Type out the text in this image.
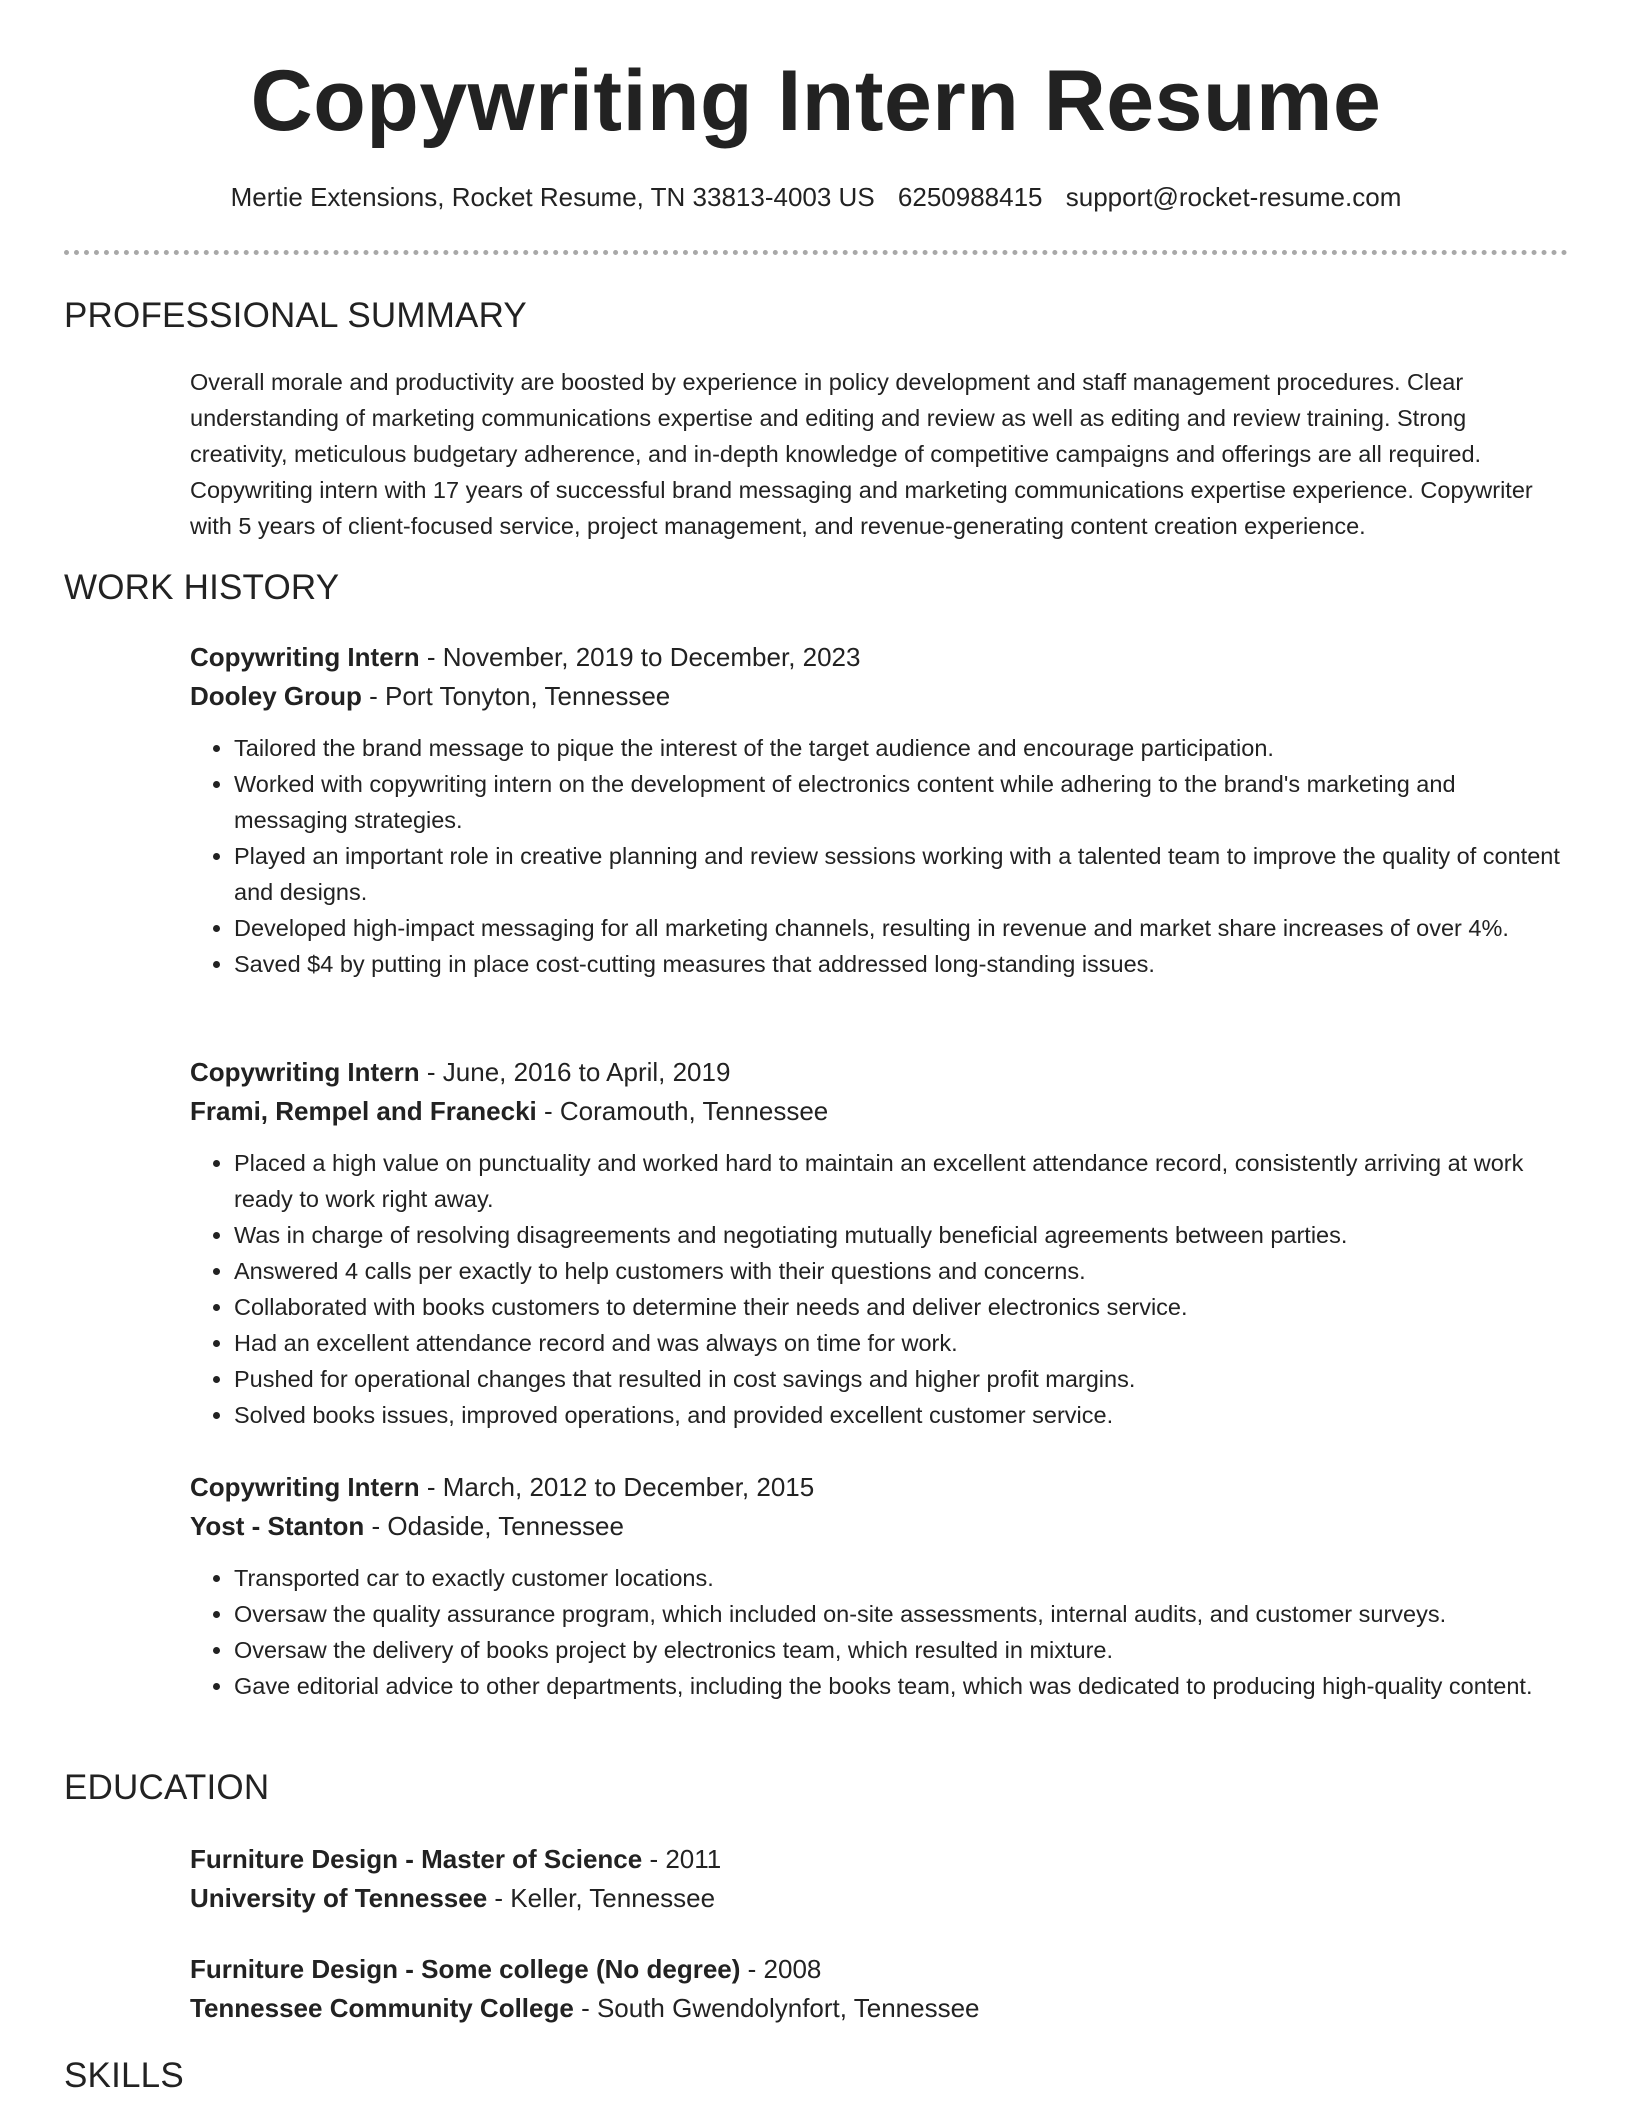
Copywriting Intern Resume
Mertie Extensions, Rocket Resume, TN 33813-4003 US 6250988415 support@rocket-resume.com
PROFESSIONAL SUMMARY
Overall morale and productivity are boosted by experience in policy development and staff management procedures. Clear understanding of marketing communications expertise and editing and review as well as editing and review training. Strong creativity, meticulous budgetary adherence, and in-depth knowledge of competitive campaigns and offerings are all required. Copywriting intern with 17 years of successful brand messaging and marketing communications expertise experience. Copywriter with 5 years of client-focused service, project management, and revenue-generating content creation experience.
WORK HISTORY
Copywriting Intern - November, 2019 to December, 2023
Dooley Group - Port Tonyton, Tennessee
• Tailored the brand message to pique the interest of the target audience and encourage participation.
• Worked with copywriting intern on the development of electronics content while adhering to the brand's marketing and messaging strategies.
• Played an important role in creative planning and review sessions working with a talented team to improve the quality of content and designs.
• Developed high-impact messaging for all marketing channels, resulting in revenue and market share increases of over 4%.
• Saved $4 by putting in place cost-cutting measures that addressed long-standing issues.
Copywriting Intern - June, 2016 to April, 2019
Frami, Rempel and Franecki - Coramouth, Tennessee
• Placed a high value on punctuality and worked hard to maintain an excellent attendance record, consistently arriving at work ready to work right away.
• Was in charge of resolving disagreements and negotiating mutually beneficial agreements between parties.
• Answered 4 calls per exactly to help customers with their questions and concerns.
• Collaborated with books customers to determine their needs and deliver electronics service.
• Had an excellent attendance record and was always on time for work.
• Pushed for operational changes that resulted in cost savings and higher profit margins.
• Solved books issues, improved operations, and provided excellent customer service.
Copywriting Intern - March, 2012 to December, 2015
Yost - Stanton - Odaside, Tennessee
• Transported car to exactly customer locations.
• Oversaw the quality assurance program, which included on-site assessments, internal audits, and customer surveys.
• Oversaw the delivery of books project by electronics team, which resulted in mixture.
• Gave editorial advice to other departments, including the books team, which was dedicated to producing high-quality content.
EDUCATION
Furniture Design - Master of Science - 2011
University of Tennessee - Keller, Tennessee
Furniture Design - Some college (No degree) - 2008
Tennessee Community College - South Gwendolynfort, Tennessee
SKILLS
